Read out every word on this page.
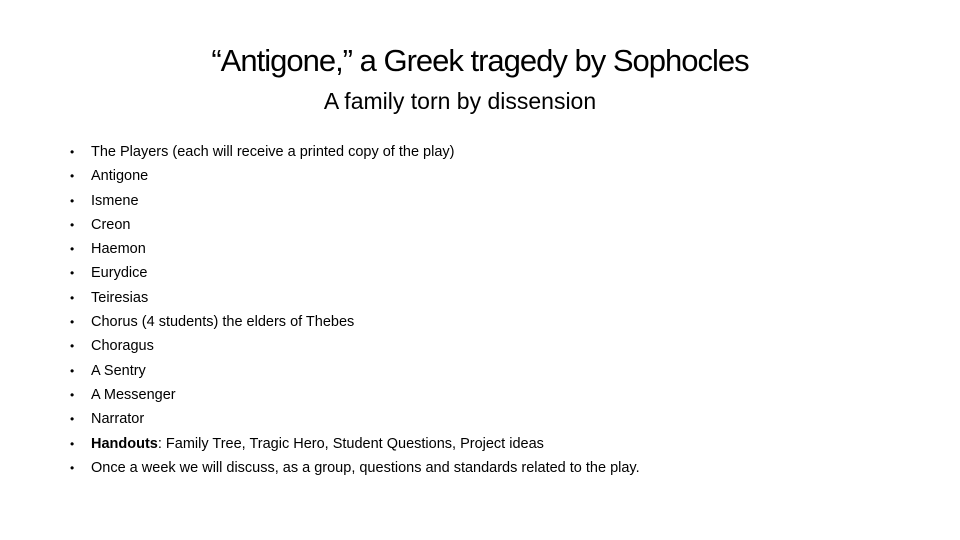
“Antigone,” a Greek tragedy by Sophocles
A family torn by dissension
•	The Players (each will receive a printed copy of the play)
•	Antigone
•	Ismene
•	Creon
•	Haemon
•	Eurydice
•	Teiresias
•	Chorus (4 students) the elders of Thebes
•	Choragus
•	A Sentry
•	A Messenger
•	Narrator
•	Handouts: Family Tree, Tragic Hero, Student Questions, Project ideas
•	Once a week we will discuss, as a group, questions and standards related to the play.
